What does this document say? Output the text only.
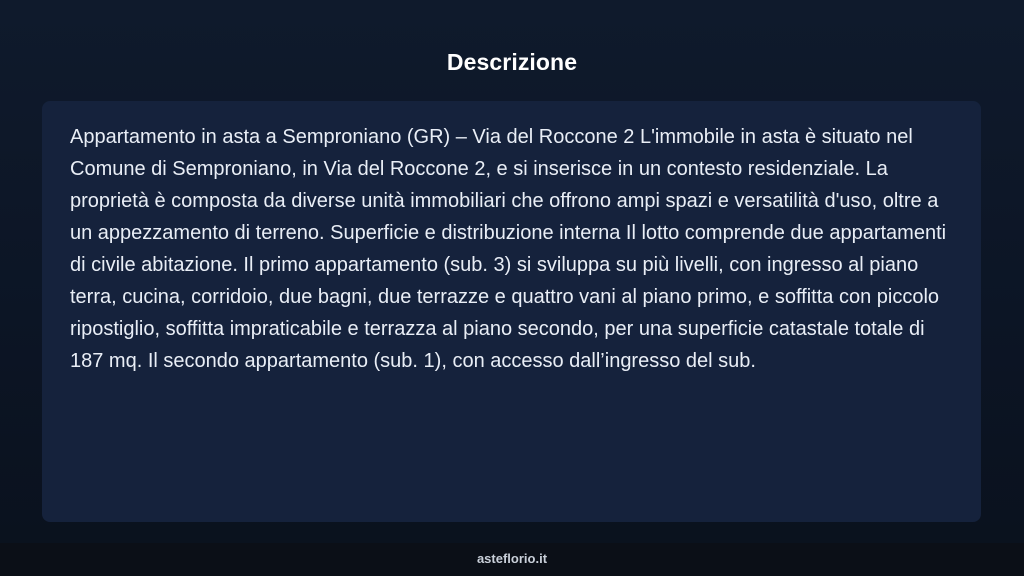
Descrizione

Appartamento in asta a Semproniano (GR) – Via del Roccone 2 L'immobile in asta è situato nel Comune di Semproniano, in Via del Roccone 2, e si inserisce in un contesto residenziale. La proprietà è composta da diverse unità immobiliari che offrono ampi spazi e versatilità d'uso, oltre a un appezzamento di terreno. Superficie e distribuzione interna Il lotto comprende due appartamenti di civile abitazione. Il primo appartamento (sub. 3) si sviluppa su più livelli, con ingresso al piano terra, cucina, corridoio, due bagni, due terrazze e quattro vani al piano primo, e soffitta con piccolo ripostiglio, soffitta impraticabile e terrazza al piano secondo, per una superficie catastale totale di 187 mq. Il secondo appartamento (sub. 1), con accesso dall’ingresso del sub.

asteflorio.it
